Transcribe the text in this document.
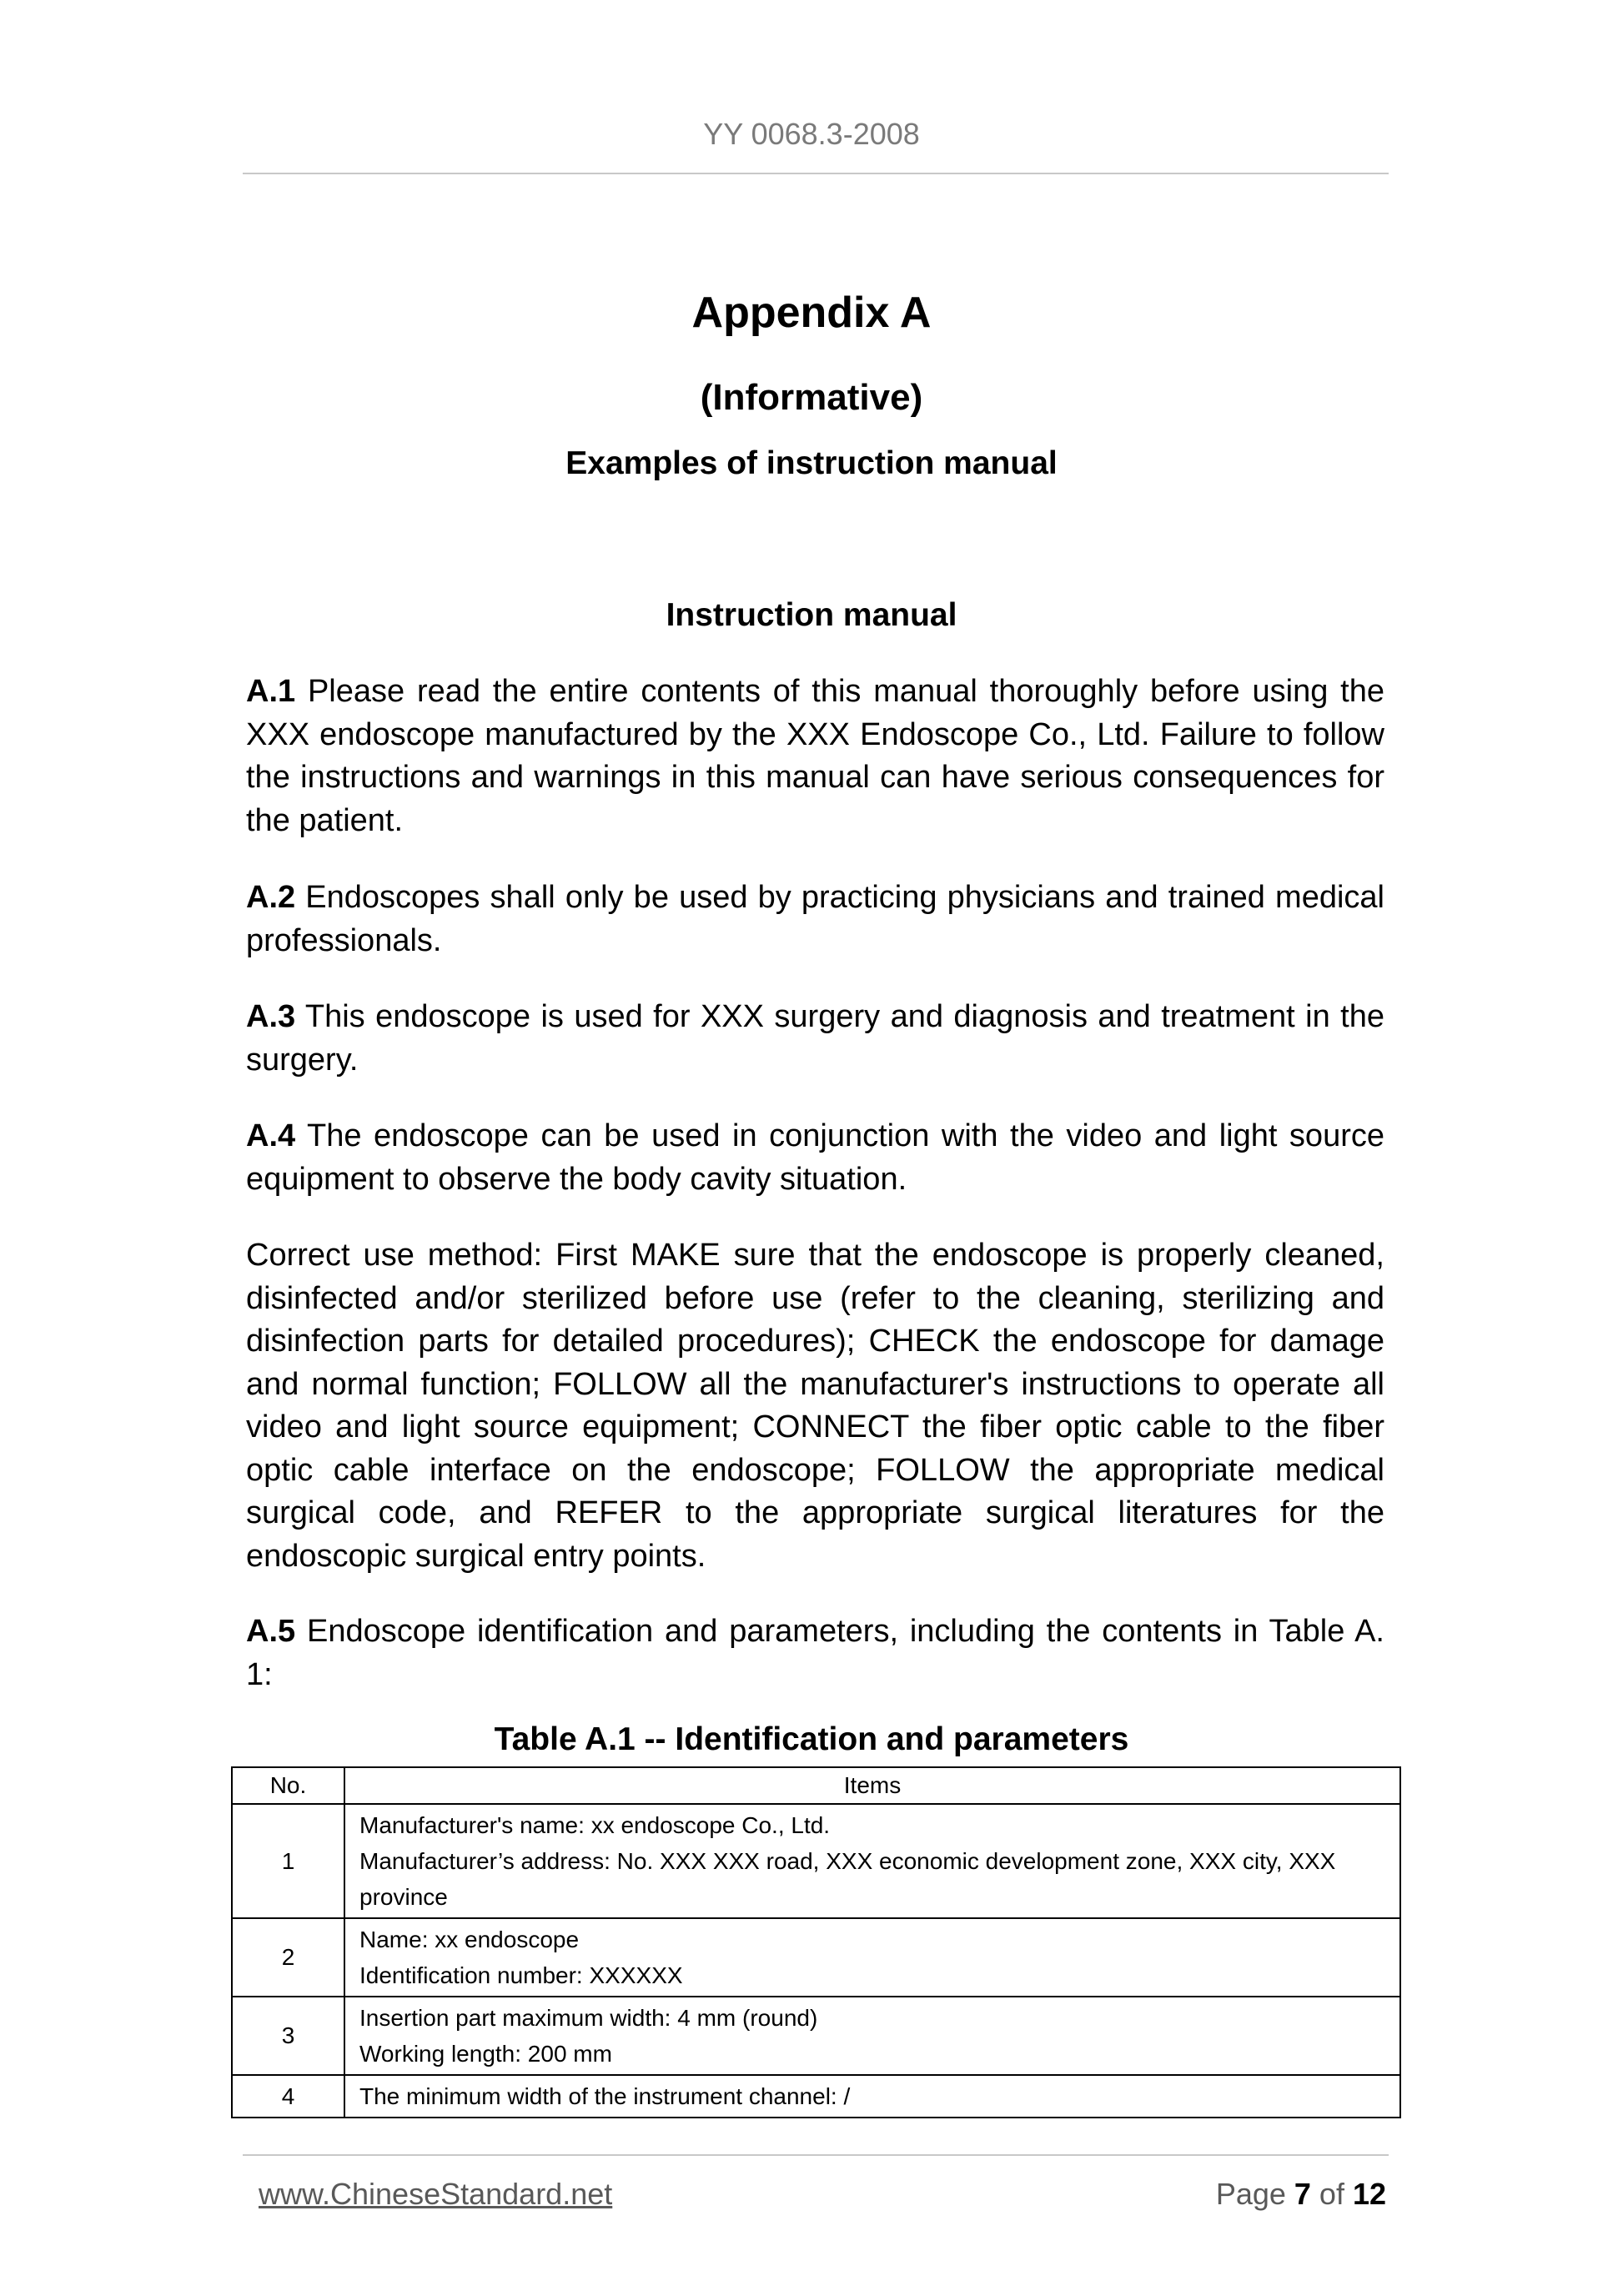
YY 0068.3-2008
Appendix A
(Informative)
Examples of instruction manual
Instruction manual

A.1 Please read the entire contents of this manual thoroughly before using the XXX endoscope manufactured by the XXX Endoscope Co., Ltd. Failure to follow the instructions and warnings in this manual can have serious consequences for the patient.

A.2 Endoscopes shall only be used by practicing physicians and trained medical professionals.

A.3 This endoscope is used for XXX surgery and diagnosis and treatment in the surgery.

A.4 The endoscope can be used in conjunction with the video and light source equipment to observe the body cavity situation.

Correct use method: First MAKE sure that the endoscope is properly cleaned, disinfected and/or sterilized before use (refer to the cleaning, sterilizing and disinfection parts for detailed procedures); CHECK the endoscope for damage and normal function; FOLLOW all the manufacturer's instructions to operate all video and light source equipment; CONNECT the fiber optic cable to the fiber optic cable interface on the endoscope; FOLLOW the appropriate medical surgical code, and REFER to the appropriate surgical literatures for the endoscopic surgical entry points.

A.5 Endoscope identification and parameters, including the contents in Table A. 1:

Table A.1 -- Identification and parameters
No.	Items
1	Manufacturer's name: xx endoscope Co., Ltd.
Manufacturer’s address: No. XXX XXX road, XXX economic development zone, XXX city, XXX province

2	Name: xx endoscope
Identification number: XXXXXX

3	Insertion part maximum width: 4 mm (round)
Working length: 200 mm

4	The minimum width of the instrument channel: /
www.ChineseStandard.net	Page 7 of 12
